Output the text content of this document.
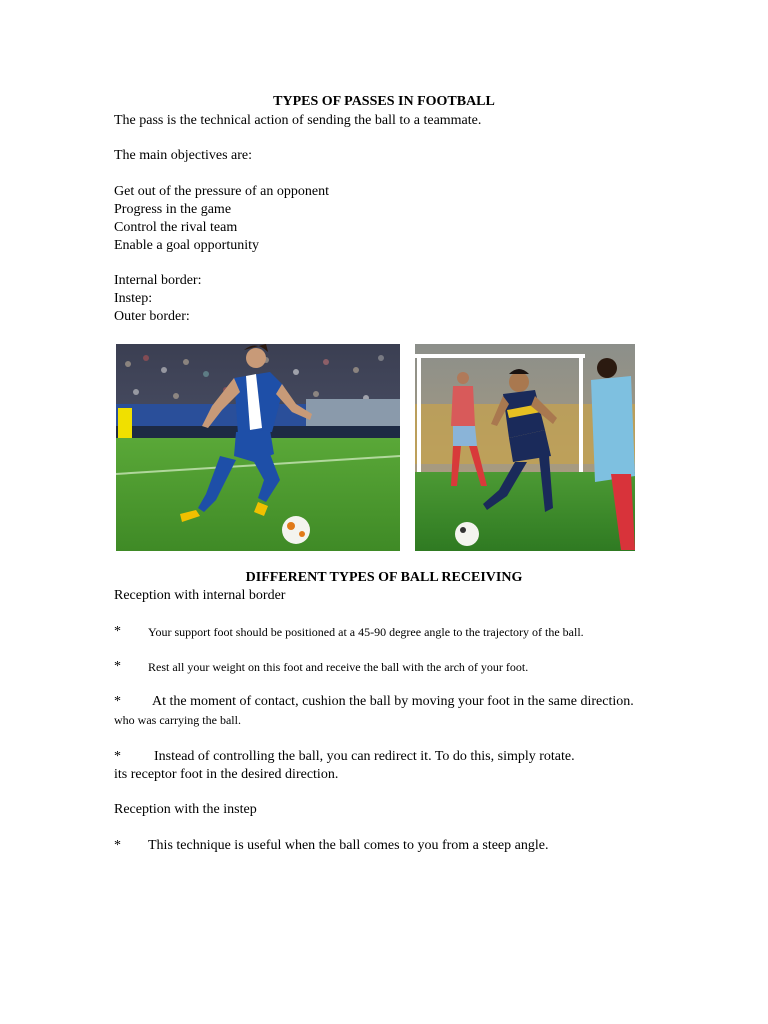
TYPES OF PASSES IN FOOTBALL
The pass is the technical action of sending the ball to a teammate.
The main objectives are:
Get out of the pressure of an opponent
Progress in the game
Control the rival team
Enable a goal opportunity
Internal border:
Instep:
Outer border:
DIFFERENT TYPES OF BALL RECEIVING
Reception with internal border
* Your support foot should be positioned at a 45-90 degree angle to the trajectory of the ball.
* Rest all your weight on this foot and receive the ball with the arch of your foot.
* At the moment of contact, cushion the ball by moving your foot in the same direction.
who was carrying the ball.
* Instead of controlling the ball, you can redirect it. To do this, simply rotate.
its receptor foot in the desired direction.
Reception with the instep
* This technique is useful when the ball comes to you from a steep angle.
